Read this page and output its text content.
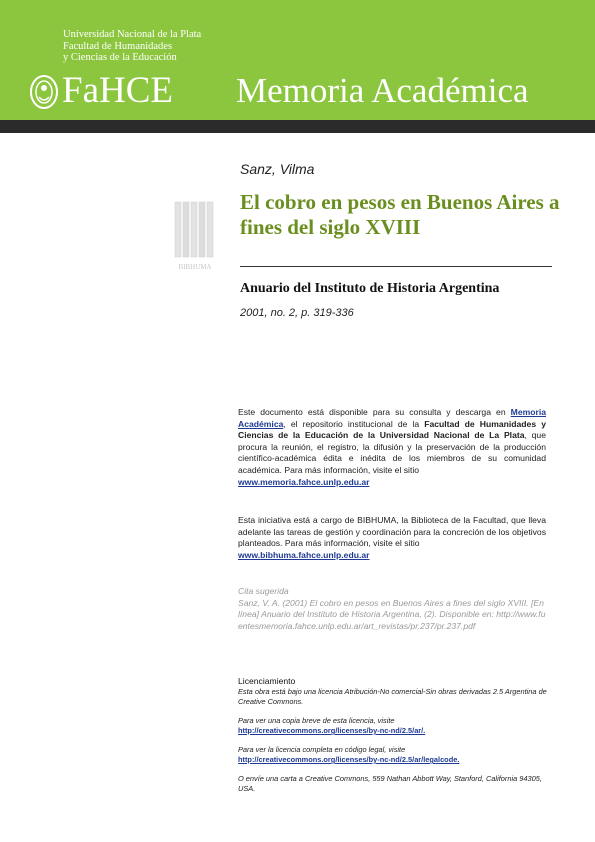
Universidad Nacional de la Plata
Facultad de Humanidades
y Ciencias de la Educación
FaHCE Memoria Académica
BIBHUMA
Sanz, Vilma
El cobro en pesos en Buenos Aires a fines del siglo XVIII
Anuario del Instituto de Historia Argentina
2001, no. 2, p. 319-336
Este documento está disponible para su consulta y descarga en Memoria Académica, el repositorio institucional de la Facultad de Humanidades y Ciencias de la Educación de la Universidad Nacional de La Plata, que procura la reunión, el registro, la difusión y la preservación de la producción científico-académica édita e inédita de los miembros de su comunidad académica. Para más información, visite el sitio
www.memoria.fahce.unlp.edu.ar
Esta iniciativa está a cargo de BIBHUMA, la Biblioteca de la Facultad, que lleva adelante las tareas de gestión y coordinación para la concreción de los objetivos planteados. Para más información, visite el sitio
www.bibhuma.fahce.unlp.edu.ar
Cita sugerida
Sanz, V. A. (2001) El cobro en pesos en Buenos Aires a fines del siglo XVIII. [En línea] Anuario del Instituto de Historia Argentina, (2). Disponible en: http://www.fuentesmemoria.fahce.unlp.edu.ar/art_revistas/pr.237/pr.237.pdf
Licenciamiento
Esta obra está bajo una licencia Atribución-No comercial-Sin obras derivadas 2.5 Argentina de Creative Commons.
Para ver una copia breve de esta licencia, visite
http://creativecommons.org/licenses/by-nc-nd/2.5/ar/.
Para ver la licencia completa en código legal, visite
http://creativecommons.org/licenses/by-nc-nd/2.5/ar/legalcode.
O envíe una carta a Creative Commons, 559 Nathan Abbott Way, Stanford, California 94305, USA.
